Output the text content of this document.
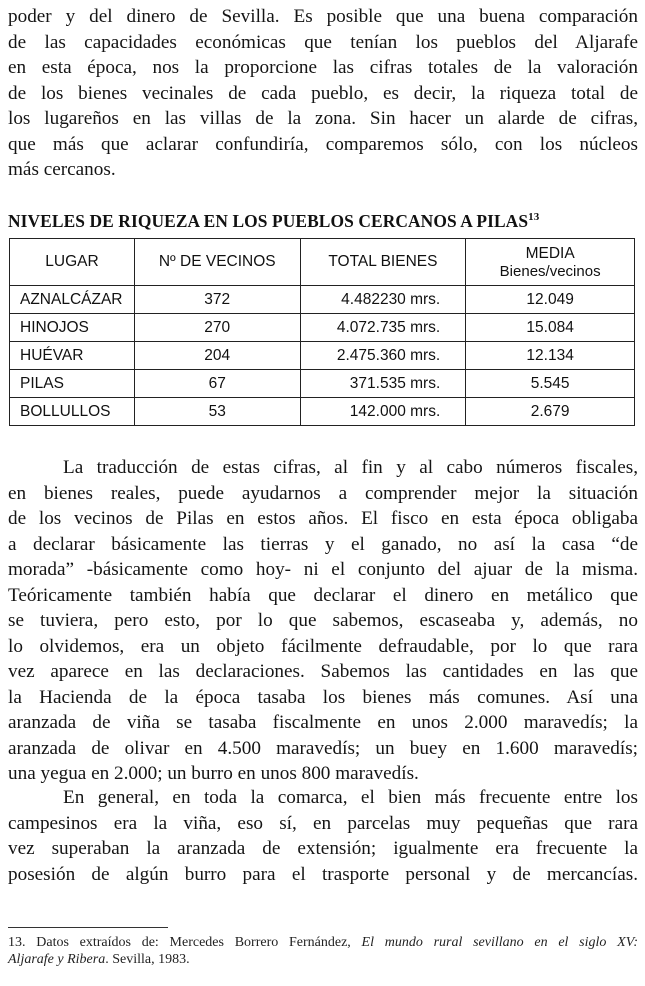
poder y del dinero de Sevilla. Es posible que una buena comparación
de las capacidades económicas que tenían los pueblos del Aljarafe
en esta época, nos la proporcione las cifras totales de la valoración
de los bienes vecinales de cada pueblo, es decir, la riqueza total de
los lugareños en las villas de la zona. Sin hacer un alarde de cifras,
que más que aclarar confundiría, comparemos sólo, con los núcleos
más cercanos.

NIVELES DE RIQUEZA EN LOS PUEBLOS CERCANOS A PILAS$^{13}$
LUGAR	Nº DE VECINOS	TOTAL BIENES	MEDIA
Bienes/vecinos

AZNALCÁZAR	372	4.482230 mrs.	12.049
HINOJOS	270	4.072.735 mrs.	15.084
HUÉVAR	204	2.475.360 mrs.	12.134
PILAS	67	371.535 mrs.	5.545
BOLLULLOS	53	142.000 mrs.	2.679

La traducción de estas cifras, al fin y al cabo números fiscales,
en bienes reales, puede ayudarnos a comprender mejor la situación
de los vecinos de Pilas en estos años. El fisco en esta época obligaba
a declarar básicamente las tierras y el ganado, no así la casa “de
morada” -básicamente como hoy- ni el conjunto del ajuar de la misma.
Teóricamente también había que declarar el dinero en metálico que
se tuviera, pero esto, por lo que sabemos, escaseaba y, además, no
lo olvidemos, era un objeto fácilmente defraudable, por lo que rara
vez aparece en las declaraciones. Sabemos las cantidades en las que
la Hacienda de la época tasaba los bienes más comunes. Así una
aranzada de viña se tasaba fiscalmente en unos 2.000 maravedís; la
aranzada de olivar en 4.500 maravedís; un buey en 1.600 maravedís;
una yegua en 2.000; un burro en unos 800 maravedís.

En general, en toda la comarca, el bien más frecuente entre los
campesinos era la viña, eso sí, en parcelas muy pequeñas que rara
vez superaban la aranzada de extensión; igualmente era frecuente la
posesión de algún burro para el trasporte personal y de mercancías.

13. Datos extraídos de: Mercedes Borrero Fernández, El mundo rural sevillano en el siglo XV:
Aljarafe y Ribera. Sevilla, 1983.
